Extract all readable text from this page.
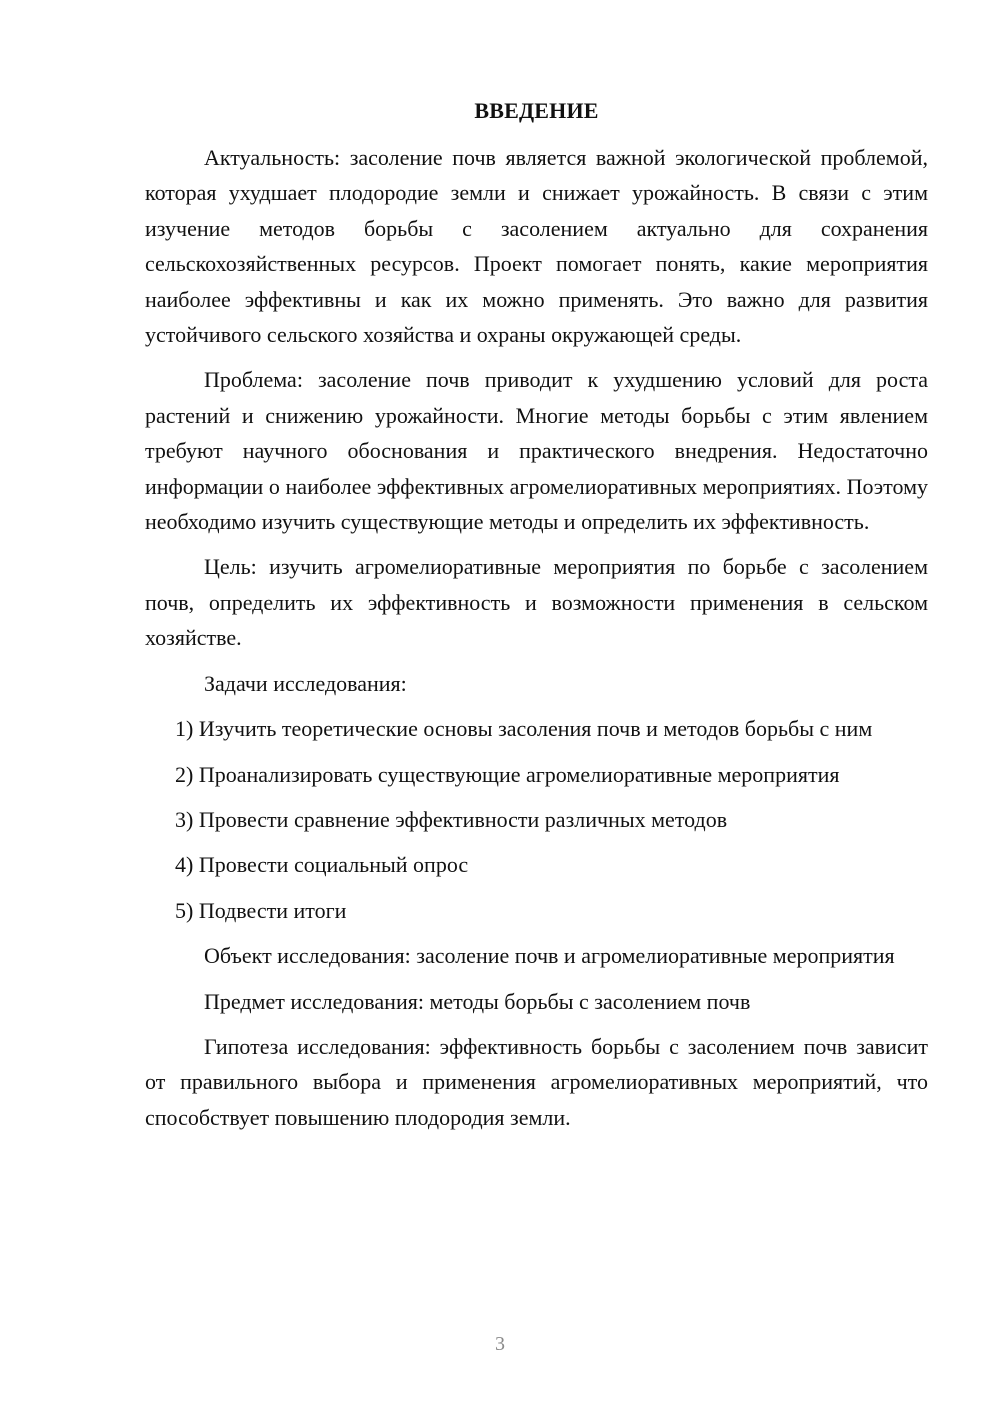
ВВЕДЕНИЕ

Актуальность: засоление почв является важной экологической проблемой, которая ухудшает плодородие земли и снижает урожайность. В связи с этим изучение методов борьбы с засолением актуально для сохранения сельскохозяйственных ресурсов. Проект помогает понять, какие мероприятия наиболее эффективны и как их можно применять. Это важно для развития устойчивого сельского хозяйства и охраны окружающей среды.

Проблема: засоление почв приводит к ухудшению условий для роста растений и снижению урожайности. Многие методы борьбы с этим явлением требуют научного обоснования и практического внедрения. Недостаточно информации о наиболее эффективных агромелиоративных мероприятиях. Поэтому необходимо изучить существующие методы и определить их эффективность.

Цель: изучить агромелиоративные мероприятия по борьбе с засолением почв, определить их эффективность и возможности применения в сельском хозяйстве.

Задачи исследования:

1) Изучить теоретические основы засоления почв и методов борьбы с ним

2) Проанализировать существующие агромелиоративные мероприятия

3) Провести сравнение эффективности различных методов

4) Провести социальный опрос

5) Подвести итоги

Объект исследования: засоление почв и агромелиоративные мероприятия

Предмет исследования: методы борьбы с засолением почв

Гипотеза исследования: эффективность борьбы с засолением почв зависит от правильного выбора и применения агромелиоративных мероприятий, что способствует повышению плодородия земли.

3
